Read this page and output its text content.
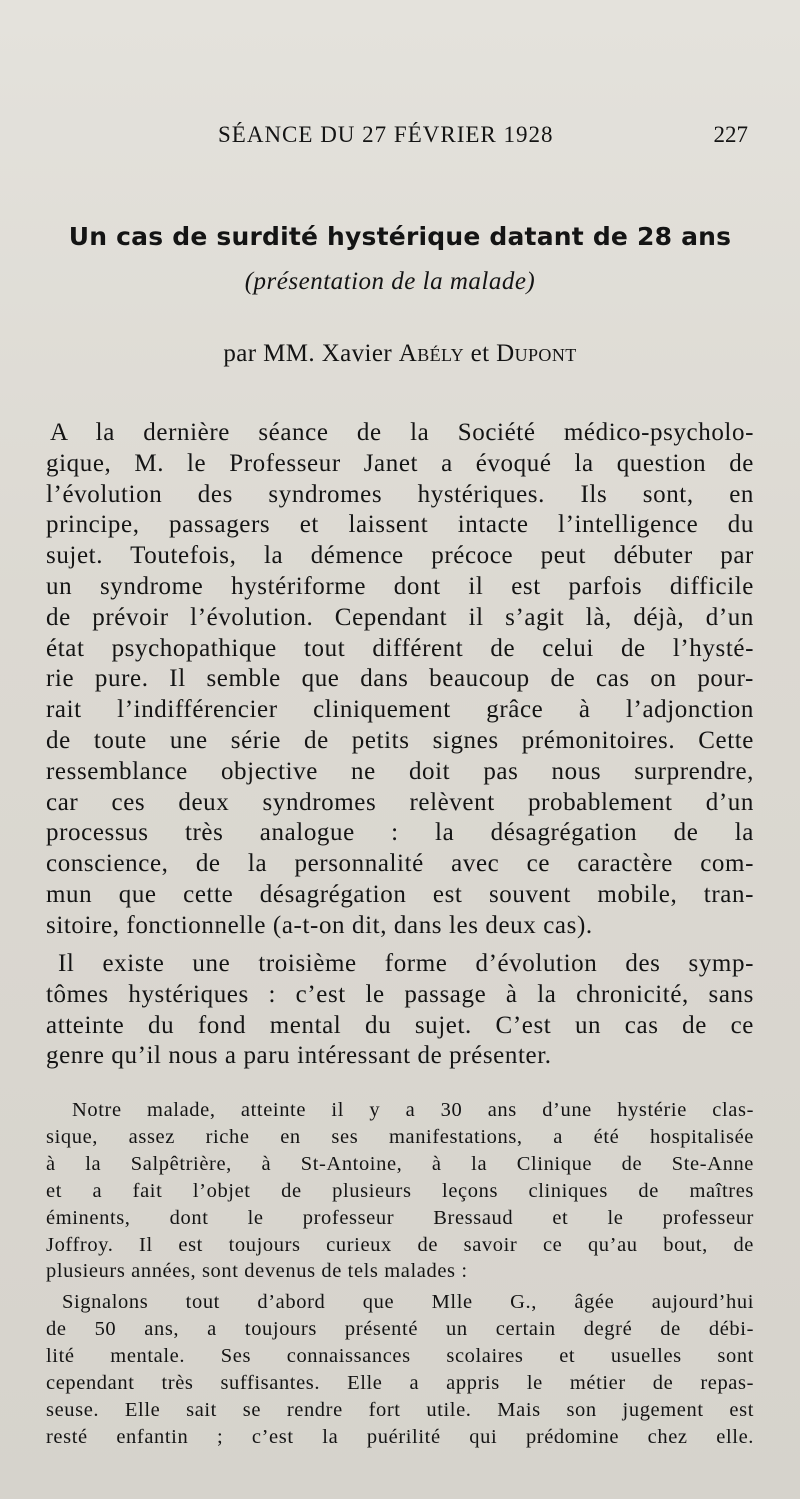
SÉANCE DU 27 FÉVRIER 1928	227
Un cas de surdité hystérique datant de 28 ans
(présentation de la malade)
par MM. Xavier Abély et Dupont
A la dernière séance de la Société médico-psycholo-
gique, M. le Professeur Janet a évoqué la question de
l’évolution des syndromes hystériques. Ils sont, en
principe, passagers et laissent intacte l’intelligence du
sujet. Toutefois, la démence précoce peut débuter par
un syndrome hystériforme dont il est parfois difficile
de prévoir l’évolution. Cependant il s’agit là, déjà, d’un
état psychopathique tout différent de celui de l’hysté-
rie pure. Il semble que dans beaucoup de cas on pour-
rait l’indifférencier cliniquement grâce à l’adjonction
de toute une série de petits signes prémonitoires. Cette
ressemblance objective ne doit pas nous surprendre,
car ces deux syndromes relèvent probablement d’un
processus très analogue : la désagrégation de la
conscience, de la personnalité avec ce caractère com-
mun que cette désagrégation est souvent mobile, tran-
sitoire, fonctionnelle (a-t-on dit, dans les deux cas).
Il existe une troisième forme d’évolution des symp-
tômes hystériques : c’est le passage à la chronicité, sans
atteinte du fond mental du sujet. C’est un cas de ce
genre qu’il nous a paru intéressant de présenter.
Notre malade, atteinte il y a 30 ans d’une hystérie clas-
sique, assez riche en ses manifestations, a été hospitalisée
à la Salpêtrière, à St-Antoine, à la Clinique de Ste-Anne
et a fait l’objet de plusieurs leçons cliniques de maîtres
éminents, dont le professeur Bressaud et le professeur
Joffroy. Il est toujours curieux de savoir ce qu’au bout, de
plusieurs années, sont devenus de tels malades :
Signalons tout d’abord que Mlle G., âgée aujourd’hui
de 50 ans, a toujours présenté un certain degré de débi-
lité mentale. Ses connaissances scolaires et usuelles sont
cependant très suffisantes. Elle a appris le métier de repas-
seuse. Elle sait se rendre fort utile. Mais son jugement est
resté enfantin ; c’est la puérilité qui prédomine chez elle.
